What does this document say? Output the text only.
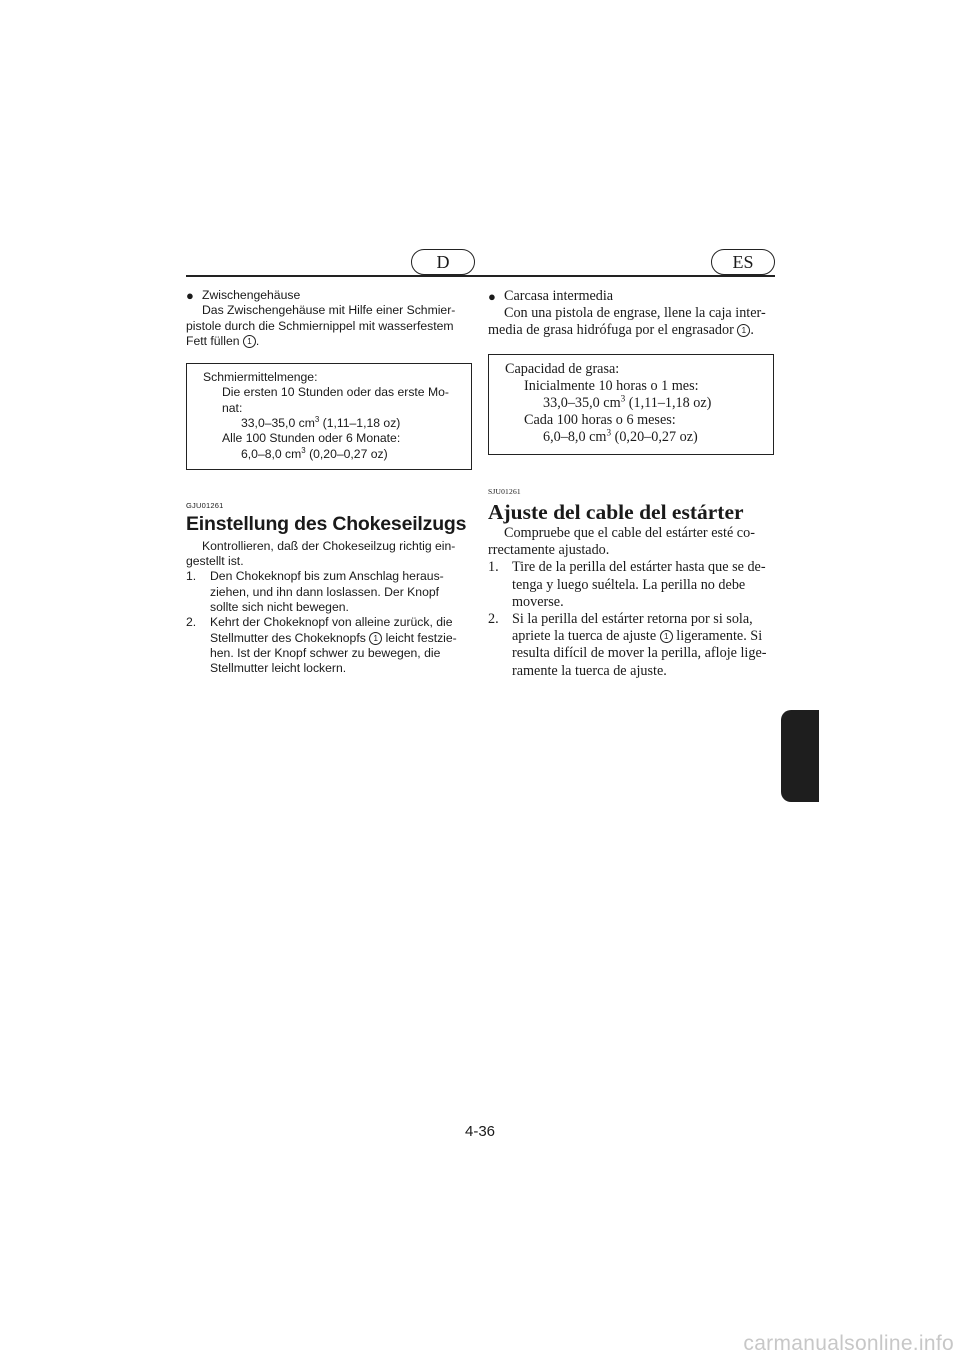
D	ES
● Zwischengehäuse

Das Zwischengehäuse mit Hilfe einer Schmier-

pistole durch die Schmiernippel mit wasserfestem

Fett füllen 1 .

Schmiermittelmenge:

Die ersten 10 Stunden oder das erste Mo-

nat:

33,0–35,0 $cm^3$ (1,11–1,18 oz)

Alle 100 Stunden oder 6 Monate:

6,0–8,0 $cm^3$ (0,20–0,27 oz)

GJU01261

Einstellung des Chokeseilzugs

Kontrollieren, daß der Chokeseilzug richtig ein-

gestellt ist.

1.	Den Chokeknopf bis zum Anschlag heraus-

ziehen, und ihn dann loslassen. Der Knopf

sollte sich nicht bewegen.

2.	Kehrt der Chokeknopf von alleine zurück, die

Stellmutter des Chokeknopfs 1 leicht festzie-

hen. Ist der Knopf schwer zu bewegen, die

Stellmutter leicht lockern.

● Carcasa intermedia

Con una pistola de engrase, llene la caja inter-

media de grasa hidrófuga por el engrasador 1 .

Capacidad de grasa:

Inicialmente 10 horas o 1 mes:

33,0–35,0 $cm^3$ (1,11–1,18 oz)

Cada 100 horas o 6 meses:

6,0–8,0 $cm^3$ (0,20–0,27 oz)

SJU01261

Ajuste del cable del estárter

Compruebe que el cable del estárter esté co-

rrectamente ajustado.

1. Tire de la perilla del estárter hasta que se de-

tenga y luego suéltela. La perilla no debe

moverse.

2. Si la perilla del estárter retorna por si sola,

apriete la tuerca de ajuste 1 ligeramente. Si

resulta difícil de mover la perilla, afloje lige-

ramente la tuerca de ajuste.

4-36
carmanualsonline.info
